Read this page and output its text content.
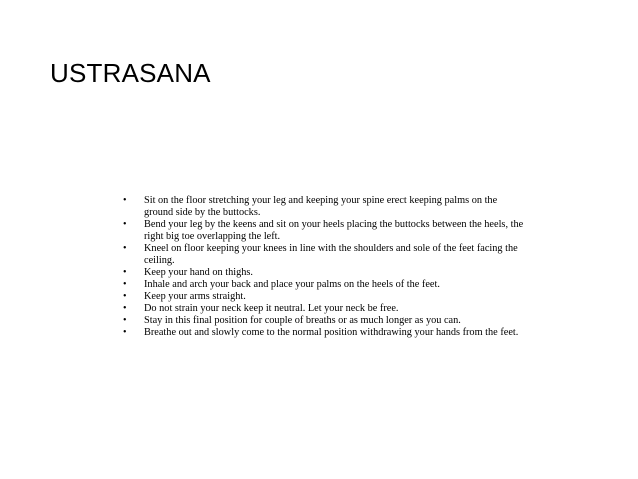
USTRASANA
• Sit on the floor stretching your leg and keeping your spine erect keeping palms on the ground side by the buttocks.
• Bend your leg by the keens and sit on your heels placing the buttocks between the heels, the right big toe overlapping the left.
• Kneel on floor keeping your knees in line with the shoulders and sole of the feet facing the ceiling.
• Keep your hand on thighs.
• Inhale and arch your back and place your palms on the heels of the feet.
• Keep your arms straight.
• Do not strain your neck keep it neutral. Let your neck be free.
• Stay in this final position for couple of breaths or as much longer as you can.
• Breathe out and slowly come to the normal position withdrawing your hands from the feet.
